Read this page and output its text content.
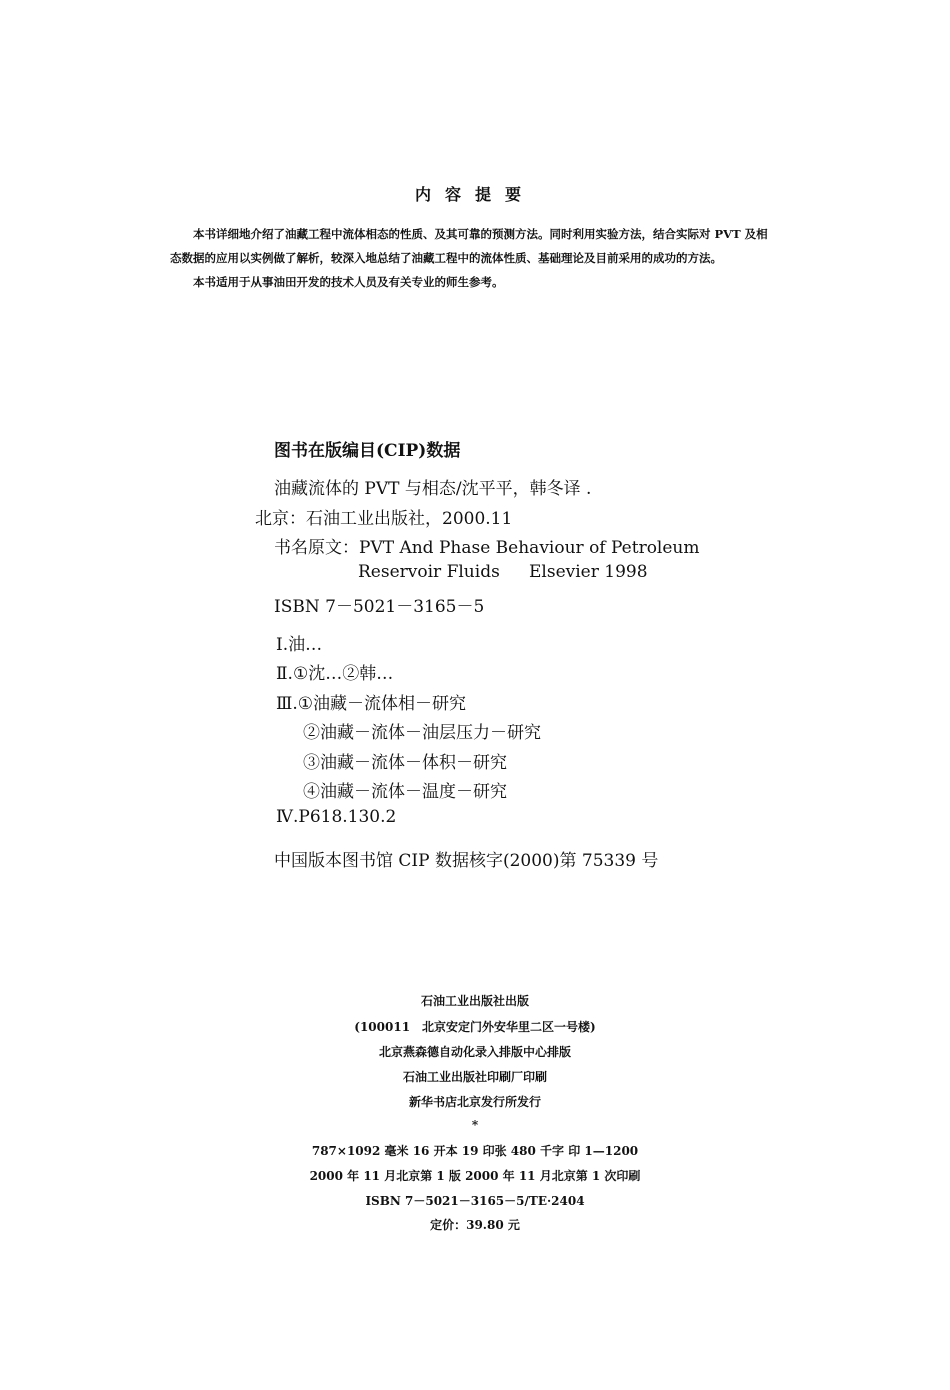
内容提要

本书详细地介绍了油藏工程中流体相态的性质、及其可靠的预测方法。同时利用实验方法，结合实际对 PVT 及相态数据的应用以实例做了解析，较深入地总结了油藏工程中的流体性质、基础理论及目前采用的成功的方法。

本书适用于从事油田开发的技术人员及有关专业的师生参考。

图书在版编目(CIP)数据
油藏流体的 PVT 与相态/沈平平，韩冬译 .
北京：石油工业出版社，2000.11
书名原文：PVT And Phase Behaviour of Petroleum
Reservoir Fluids Elsevier 1998
ISBN 7－5021－3165－5
Ⅰ.油…
Ⅱ.①沈…②韩…
Ⅲ.①油藏－流体相－研究
②油藏－流体－油层压力－研究
③油藏－流体－体积－研究
④油藏－流体－温度－研究
Ⅳ.P618.130.2
中国版本图书馆 CIP 数据核字(2000)第 75339 号
石油工业出版社出版
(100011　北京安定门外安华里二区一号楼)
北京燕森德自动化录入排版中心排版
石油工业出版社印刷厂印刷
新华书店北京发行所发行
*
787×1092 毫米 16 开本 19 印张 480 千字 印 1—1200
2000 年 11 月北京第 1 版 2000 年 11 月北京第 1 次印刷
ISBN 7－5021－3165－5/TE·2404
定价：39.80 元
